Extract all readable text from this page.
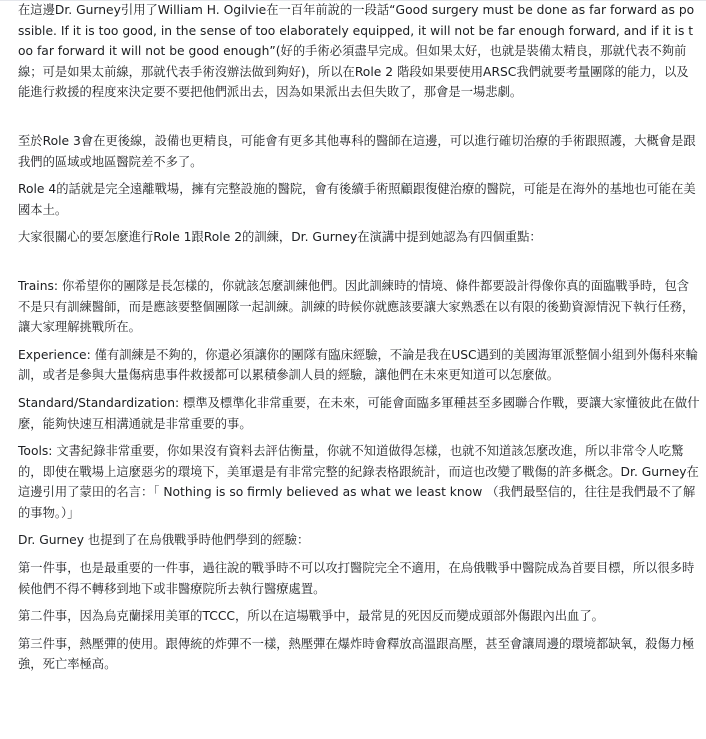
在這邊Dr. Gurney引用了William H. Ogilvie在一百年前說的一段話“Good surgery must be done as far forward as possible. If it is too good, in the sense of too elaborately equipped, it will not be far enough forward, and if it is too far forward it will not be good enough”(好的手術必須盡早完成。但如果太好，也就是裝備太精良，那就代表不夠前線；可是如果太前線，那就代表手術沒辦法做到夠好)，所以在Role 2 階段如果要使用ARSC我們就要考量團隊的能力，以及能進行救援的程度來決定要不要把他們派出去，因為如果派出去但失敗了，那會是一場悲劇。

至於Role 3會在更後線，設備也更精良，可能會有更多其他專科的醫師在這邊，可以進行確切治療的手術跟照護，大概會是跟我們的區域或地區醫院差不多了。

Role 4的話就是完全遠離戰場，擁有完整設施的醫院，會有後續手術照顧跟復健治療的醫院，可能是在海外的基地也可能在美國本土。

大家很關心的要怎麼進行Role 1跟Role 2的訓練，Dr. Gurney在演講中提到她認為有四個重點：

Trains: 你希望你的團隊是長怎樣的，你就該怎麼訓練他們。因此訓練時的情境、條件都要設計得像你真的面臨戰爭時，包含不是只有訓練醫師，而是應該要整個團隊一起訓練。訓練的時候你就應該要讓大家熟悉在以有限的後勤資源情況下執行任務，讓大家理解挑戰所在。

Experience: 僅有訓練是不夠的，你還必須讓你的團隊有臨床經驗，不論是我在USC遇到的美國海軍派整個小組到外傷科來輪訓，或者是參與大量傷病患事件救援都可以累積參訓人員的經驗，讓他們在未來更知道可以怎麼做。

Standard/Standardization: 標準及標準化非常重要，在未來，可能會面臨多軍種甚至多國聯合作戰，要讓大家懂彼此在做什麼，能夠快速互相溝通就是非常重要的事。

Tools: 文書紀錄非常重要，你如果沒有資料去評估衡量，你就不知道做得怎樣，也就不知道該怎麼改進，所以非常令人吃驚的，即使在戰場上這麼惡劣的環境下，美軍還是有非常完整的紀錄表格跟統計，而這也改變了戰傷的許多概念。Dr. Gurney在這邊引用了蒙田的名言：「 Nothing is so firmly believed as what we least know （我們最堅信的，往往是我們最不了解的事物。）」

Dr. Gurney 也提到了在烏俄戰爭時他們學到的經驗：

第一件事，也是最重要的一件事，過往說的戰爭時不可以攻打醫院完全不適用，在烏俄戰爭中醫院成為首要目標，所以很多時候他們不得不轉移到地下或非醫療院所去執行醫療處置。

第二件事，因為烏克蘭採用美軍的TCCC，所以在這場戰爭中，最常見的死因反而變成頭部外傷跟內出血了。

第三件事，熱壓彈的使用。跟傳統的炸彈不一樣，熱壓彈在爆炸時會釋放高溫跟高壓，甚至會讓周邊的環境都缺氧，殺傷力極強，死亡率極高。
